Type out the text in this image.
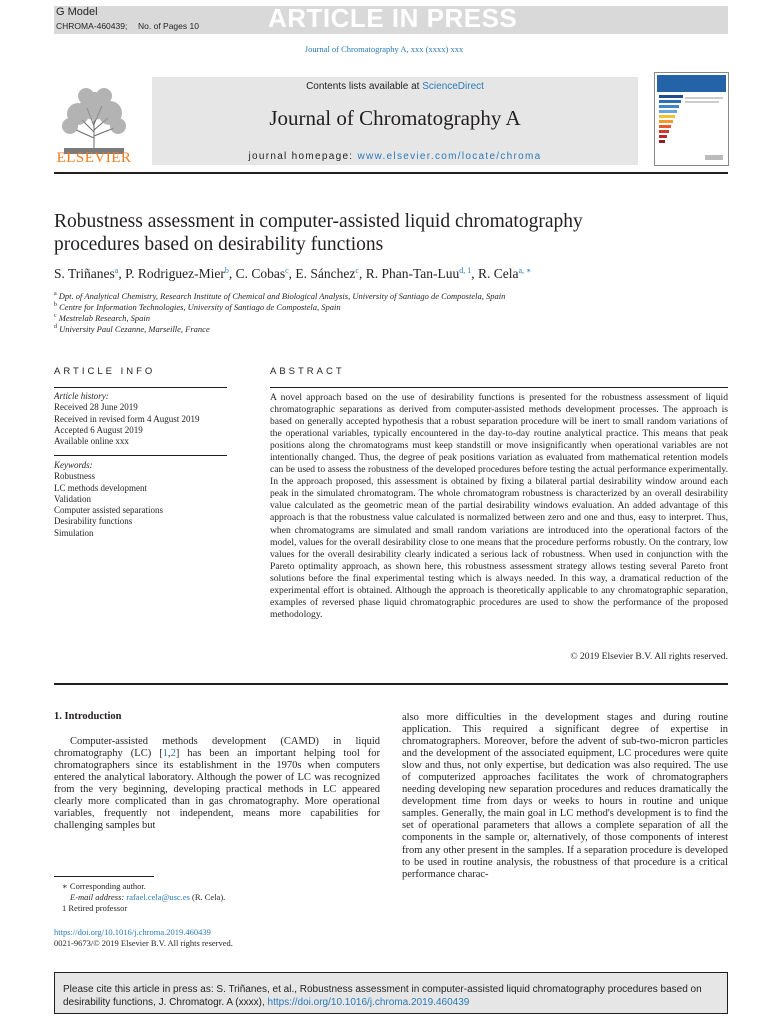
G Model
CHROMA-460439; No. of Pages 10	ARTICLE IN PRESS
Journal of Chromatography A, xxx (xxxx) xxx
ELSEVIER
Contents lists available at ScienceDirect
Journal of Chromatography A
journal homepage: www.elsevier.com/locate/chroma
Robustness assessment in computer-assisted liquid chromatography
procedures based on desirability functions
S. Triñanes$^a$, P. Rodriguez-Mier$^b$, C. Cobas$^c$, E. Sánchez$^c$, R. Phan-Tan-Luu$^{d, 1}$, R. Cela$^{a, ∗}$
$^a$ Dpt. of Analytical Chemistry, Research Institute of Chemical and Biological Analysis, University of Santiago de Compostela, Spain
$^b$ Centre for Information Technologies, University of Santiago de Compostela, Spain
$^c$ Mestrelab Research, Spain
$^d$ University Paul Cezanne, Marseille, France
ARTICLE INFO
Article history:
Received 28 June 2019
Received in revised form 4 August 2019
Accepted 6 August 2019
Available online xxx
Keywords:
Robustness
LC methods development
Validation
Computer assisted separations
Desirability functions
Simulation
ABSTRACT
A novel approach based on the use of desirability functions is presented for the robustness assessment of liquid chromatographic separations as derived from computer-assisted methods development processes. The approach is based on generally accepted hypothesis that a robust separation procedure will be inert to small random variations of the operational variables, typically encountered in the day-to-day routine analytical practice. This means that peak positions along the chromatograms must keep standstill or move insignificantly when operational variables are not intentionally changed. Thus, the degree of peak positions variation as evaluated from mathematical retention models can be used to assess the robustness of the developed procedures before testing the actual performance experimentally. In the approach proposed, this assessment is obtained by fixing a bilateral partial desirability window around each peak in the simulated chromatogram. The whole chromatogram robustness is characterized by an overall desirability value calculated as the geometric mean of the partial desirability windows evaluation. An added advantage of this approach is that the robustness value calculated is normalized between zero and one and thus, easy to interpret. Thus, when chromatograms are simulated and small random variations are introduced into the operational factors of the model, values for the overall desirability close to one means that the procedure performs robustly. On the contrary, low values for the overall desirability clearly indicated a serious lack of robustness. When used in conjunction with the Pareto optimality approach, as shown here, this robustness assessment strategy allows testing several Pareto front solutions before the final experimental testing which is always needed. In this way, a dramatical reduction of the experimental effort is obtained. Although the approach is theoretically applicable to any chromatographic separation, examples of reversed phase liquid chromatographic procedures are used to show the performance of the proposed methodology.
© 2019 Elsevier B.V. All rights reserved.
1. Introduction
Computer-assisted methods development (CAMD) in liquid chromatography (LC) [1,2] has been an important helping tool for chromatographers since its establishment in the 1970s when computers entered the analytical laboratory. Although the power of LC was recognized from the very beginning, developing practical methods in LC appeared clearly more complicated than in gas chromatography. More operational variables, frequently not independent, means more capabilities for challenging samples but
also more difficulties in the development stages and during routine application. This required a significant degree of expertise in chromatographers. Moreover, before the advent of sub-two-micron particles and the development of the associated equipment, LC procedures were quite slow and thus, not only expertise, but dedication was also required. The use of computerized approaches facilitates the work of chromatographers needing developing new separation procedures and reduces dramatically the development time from days or weeks to hours in routine and unique samples. Generally, the main goal in LC method's development is to find the set of operational parameters that allows a complete separation of all the components in the sample or, alternatively, of those components of interest from any other present in the samples. If a separation procedure is developed to be used in routine analysis, the robustness of that procedure is a critical performance charac-
∗ Corresponding author.
E-mail address: rafael.cela@usc.es (R. Cela).
1 Retired professor
https://doi.org/10.1016/j.chroma.2019.460439
0021-9673/© 2019 Elsevier B.V. All rights reserved.
Please cite this article in press as: S. Triñanes, et al., Robustness assessment in computer-assisted liquid chromatography procedures based on desirability functions, J. Chromatogr. A (xxxx), https://doi.org/10.1016/j.chroma.2019.460439
